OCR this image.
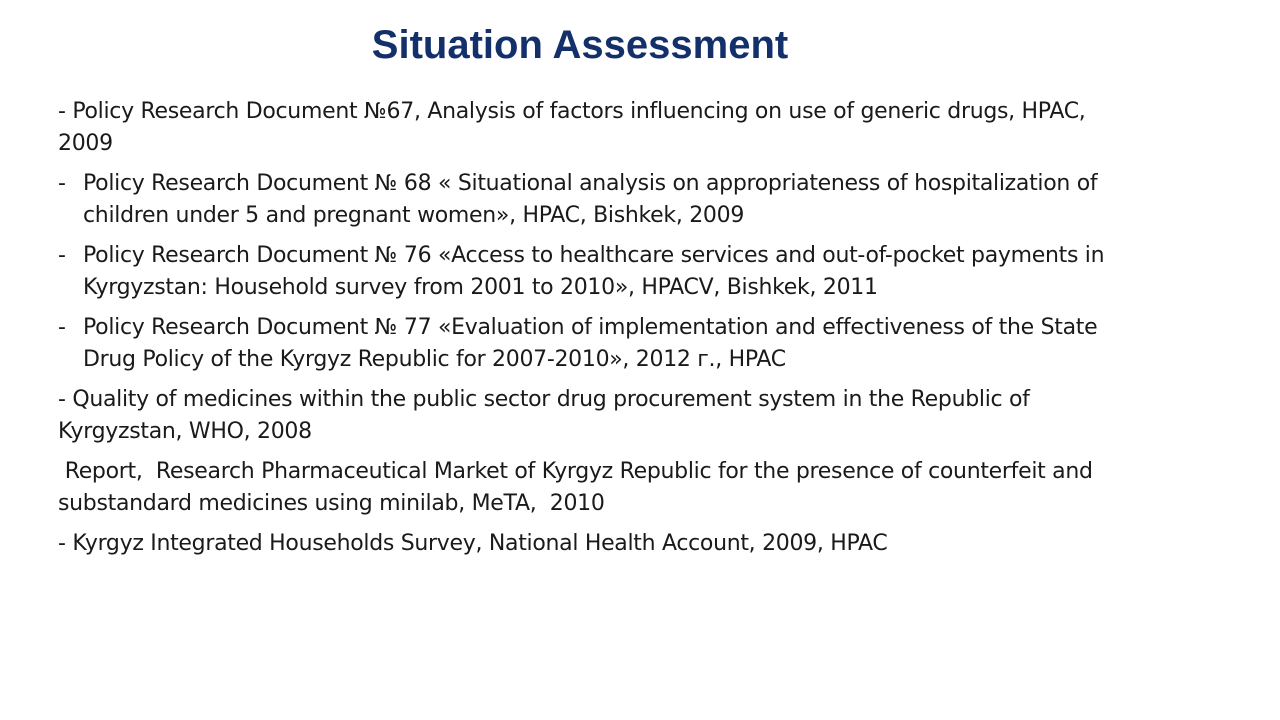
Situation Assessment
- Policy Research Document №67, Analysis of factors influencing on use of generic drugs, HPAC, 2009
- Policy Research Document № 68 « Situational analysis on appropriateness of hospitalization of children under 5 and pregnant women», HPAC, Bishkek, 2009
- Policy Research Document № 76 «Access to healthcare services and out-of-pocket payments in Kyrgyzstan: Household survey from 2001 to 2010», HPACV, Bishkek, 2011
- Policy Research Document № 77 «Evaluation of implementation and effectiveness of the State Drug Policy of the Kyrgyz Republic for 2007-2010», 2012 г., HPAC
- Quality of medicines within the public sector drug procurement system in the Republic of Kyrgyzstan, WHO, 2008
Report,  Research Pharmaceutical Market of Kyrgyz Republic for the presence of counterfeit and substandard medicines using minilab, MeTA,  2010
- Kyrgyz Integrated Households Survey, National Health Account, 2009, HPAC
